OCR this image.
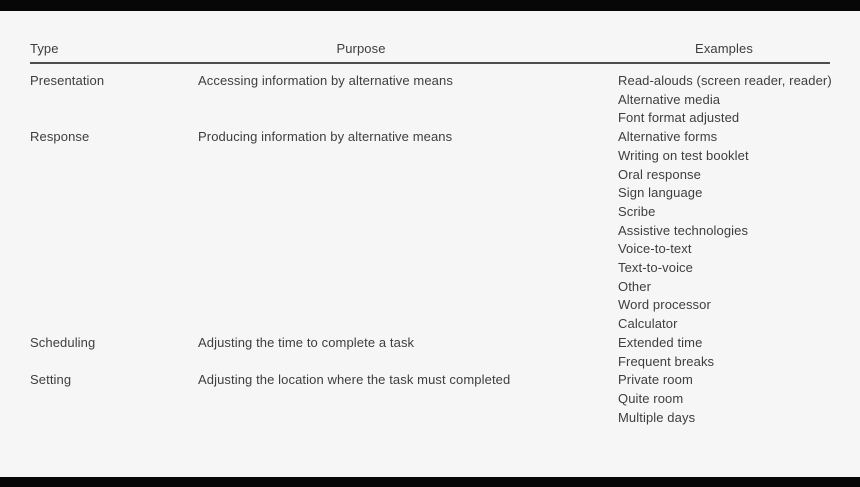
Type	Purpose	Examples
Presentation	Accessing information by alternative means	Read-alouds (screen reader, reader)
Alternative media
Font format adjusted
Response	Producing information by alternative means	Alternative forms
Writing on test booklet
Oral response
Sign language
Scribe
Assistive technologies
Voice-to-text
Text-to-voice
Other
Word processor
Calculator
Scheduling	Adjusting the time to complete a task	Extended time
Frequent breaks
Setting	Adjusting the location where the task must completed	Private room
Quite room
Multiple days
